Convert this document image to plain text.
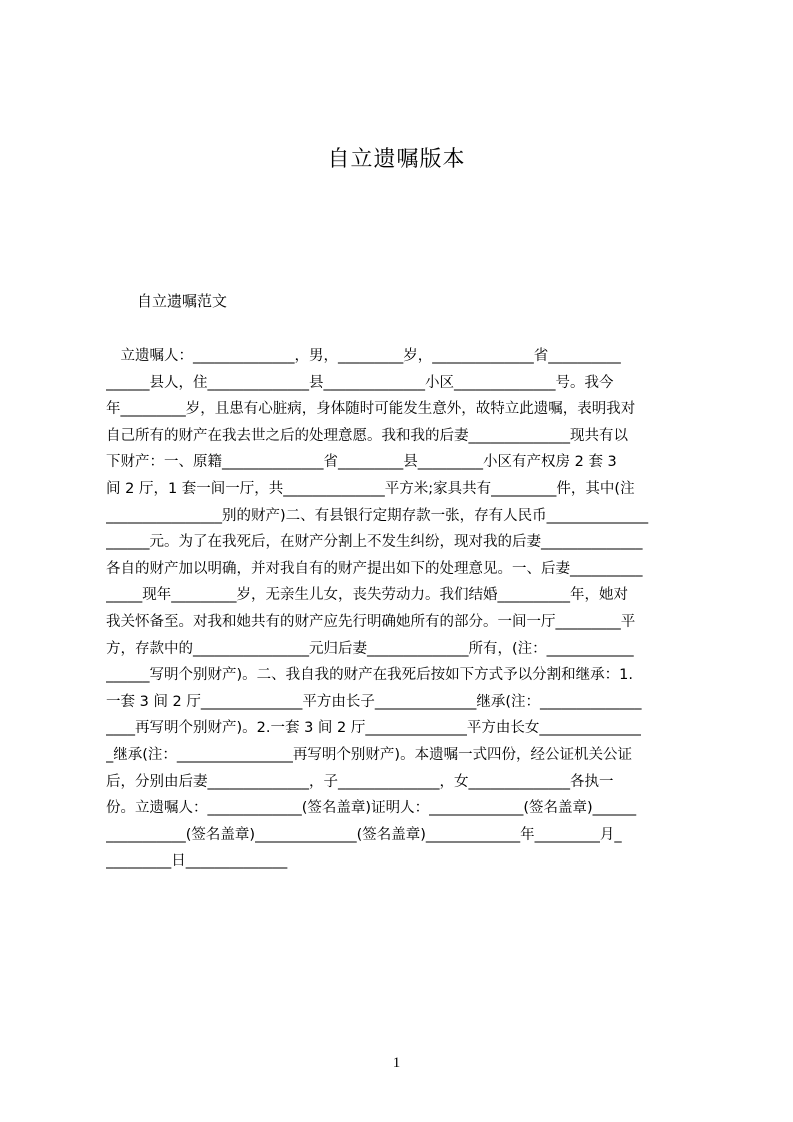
自立遗嘱版本
自立遗嘱范文
　立遗嘱人：______________，男，_________岁，______________省__________
______县人，住______________县______________小区______________号。我今
年_________岁，且患有心脏病，身体随时可能发生意外，故特立此遗嘱，表明我对
自己所有的财产在我去世之后的处理意愿。我和我的后妻______________现共有以
下财产：一、原籍______________省_________县_________小区有产权房 2 套 3
间 2 厅，1 套一间一厅，共______________平方米;家具共有_________件，其中(注
________________别的财产)二、有县银行定期存款一张，存有人民币______________
______元。为了在我死后，在财产分割上不发生纠纷，现对我的后妻______________
各自的财产加以明确，并对我自有的财产提出如下的处理意见。一、后妻__________
_____现年_________岁，无亲生儿女，丧失劳动力。我们结婚__________年，她对
我关怀备至。对我和她共有的财产应先行明确她所有的部分。一间一厅_________平
方，存款中的________________元归后妻______________所有，(注：____________
______写明个别财产)。二、我自我的财产在我死后按如下方式予以分割和继承：1.
一套 3 间 2 厅______________平方由长子______________继承(注：______________
____再写明个别财产)。2.一套 3 间 2 厅______________平方由长女______________
_继承(注：________________再写明个别财产)。本遗嘱一式四份，经公证机关公证
后，分别由后妻______________，子______________，女______________各执一
份。立遗嘱人：_____________(签名盖章)证明人：_____________(签名盖章)______
___________(签名盖章)______________(签名盖章)_____________年_________月_
_________日______________
1
